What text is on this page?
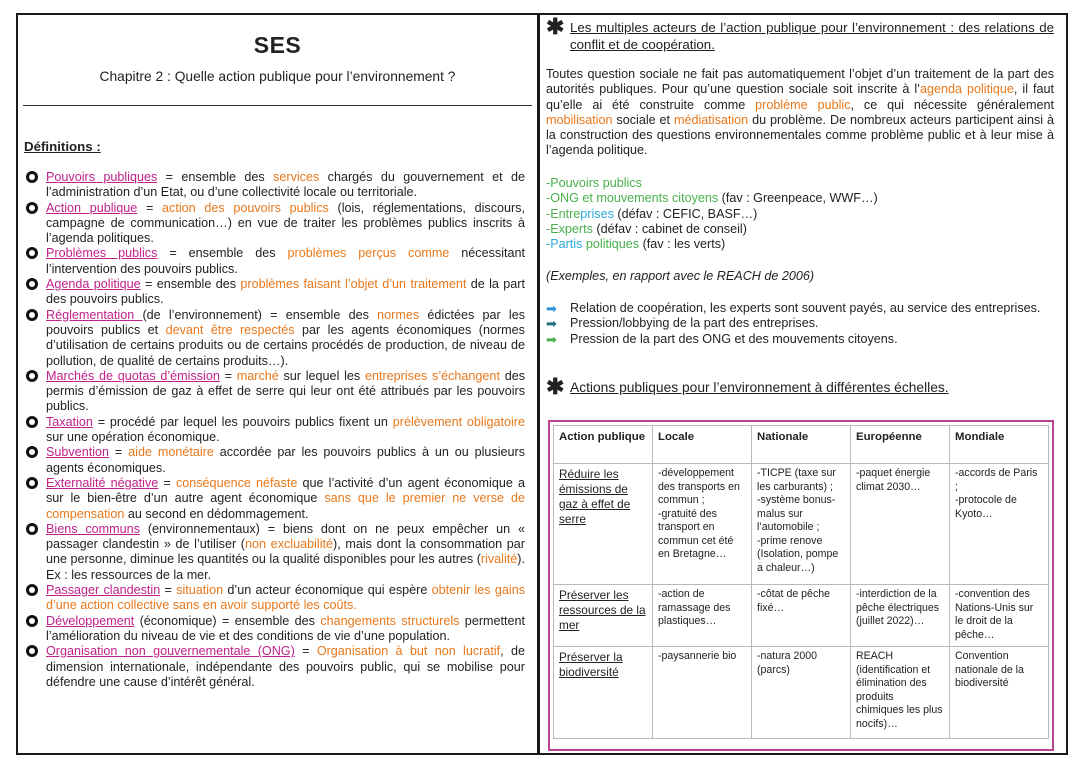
SES
Chapitre 2 : Quelle action publique pour l’environnement ?
Définitions :
Pouvoirs publiques = ensemble des services chargés du gouvernement et de l’administration d’un Etat, ou d’une collectivité locale ou territoriale.
Action publique = action des pouvoirs publics (lois, réglementations, discours, campagne de communication…) en vue de traiter les problèmes publics inscrits à l’agenda politiques.
Problèmes publics = ensemble des problèmes perçus comme nécessitant l’intervention des pouvoirs publics.
Agenda politique = ensemble des problèmes faisant l’objet d’un traitement de la part des pouvoirs publics.
Réglementation (de l’environnement) = ensemble des normes édictées par les pouvoirs publics et devant être respectés par les agents économiques (normes d’utilisation de certains produits ou de certains procédés de production, de niveau de pollution, de qualité de certains produits…).
Marchés de quotas d’émission = marché sur lequel les entreprises s’échangent des permis d’émission de gaz à effet de serre qui leur ont été attribués par les pouvoirs publics.
Taxation = procédé par lequel les pouvoirs publics fixent un prélèvement obligatoire sur une opération économique.
Subvention = aide monétaire accordée par les pouvoirs publics à un ou plusieurs agents économiques.
Externalité négative = conséquence néfaste que l’activité d’un agent économique a sur le bien-être d’un autre agent économique sans que le premier ne verse de compensation au second en dédommagement.
Biens communs (environnementaux) = biens dont on ne peux empêcher un « passager clandestin » de l’utiliser (non excluabilité), mais dont la consommation par une personne, diminue les quantités ou la qualité disponibles pour les autres (rivalité). Ex : les ressources de la mer.
Passager clandestin = situation d’un acteur économique qui espère obtenir les gains d’une action collective sans en avoir supporté les coûts.
Développement (économique) = ensemble des changements structurels permettent l’amélioration du niveau de vie et des conditions de vie d’une population.
Organisation non gouvernementale (ONG) = Organisation à but non lucratif, de dimension internationale, indépendante des pouvoirs public, qui se mobilise pour défendre une cause d’intérêt général.
✱ Les multiples acteurs de l’action publique pour l’environnement : des relations de conflit et de coopération.
Toutes question sociale ne fait pas automatiquement l’objet d’un traitement de la part des autorités publiques. Pour qu’une question sociale soit inscrite à l’agenda politique, il faut qu’elle ai été construite comme problème public, ce qui nécessite généralement mobilisation sociale et médiatisation du problème. De nombreux acteurs participent ainsi à la construction des questions environnementales comme problème public et à leur mise à l’agenda politique.
-Pouvoirs publics
-ONG et mouvements citoyens (fav : Greenpeace, WWF…)
-Entreprises (défav : CEFIC, BASF…)
-Experts (défav : cabinet de conseil)
-Partis politiques (fav : les verts)
(Exemples, en rapport avec le REACH de 2006)
➡ Relation de coopération, les experts sont souvent payés, au service des entreprises.
➡ Pression/lobbying de la part des entreprises.
➡ Pression de la part des ONG et des mouvements citoyens.
✱ Actions publiques pour l’environnement à différentes échelles.
Action publique	Locale	Nationale	Européenne	Mondiale
Réduire les émissions de gaz à effet de serre	-développement des transports en commun ;
-gratuité des transport en commun cet été en Bretagne…	-TICPE (taxe sur les carburants) ;
-système bonus-malus sur l’automobile ;
-prime renove (Isolation, pompe a chaleur…)	-paquet énergie climat 2030…	-accords de Paris ;
-protocole de Kyoto…
Préserver les ressources de la mer	-action de ramassage des plastiques…	-côtat de pêche fixé…	-interdiction de la pêche électriques (juillet 2022)…	-convention des Nations-Unis sur le droit de la pêche…
Préserver la biodiversité	-paysannerie bio	-natura 2000 (parcs)	REACH (identification et élimination des produits chimiques les plus nocifs)…	Convention nationale de la biodiversité
